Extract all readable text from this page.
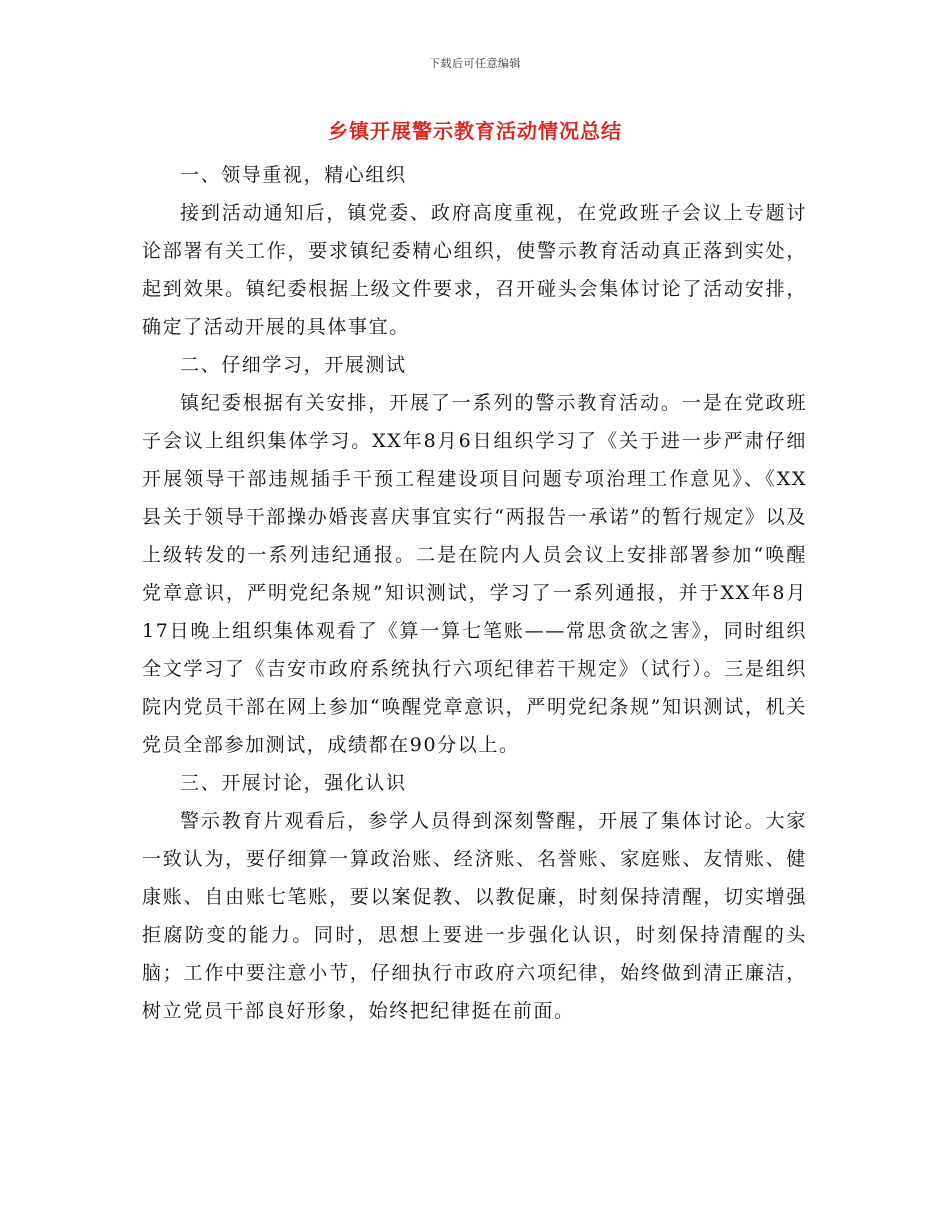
下载后可任意编辑
乡镇开展警示教育活动情况总结

一、领导重视，精心组织

接到活动通知后，镇党委、政府高度重视，在党政班子会议上专题讨论部署有关工作，要求镇纪委精心组织，使警示教育活动真正落到实处，起到效果。镇纪委根据上级文件要求，召开碰头会集体讨论了活动安排，确定了活动开展的具体事宜。

二、仔细学习，开展测试

镇纪委根据有关安排，开展了一系列的警示教育活动。一是在党政班子会议上组织集体学习。XX年8月6日组织学习了《关于进一步严肃仔细开展领导干部违规插手干预工程建设项目问题专项治理工作意见》、《XX县关于领导干部操办婚丧喜庆事宜实行“两报告一承诺”的暂行规定》以及上级转发的一系列违纪通报。二是在院内人员会议上安排部署参加“唤醒党章意识，严明党纪条规”知识测试，学习了一系列通报，并于XX年8月17日晚上组织集体观看了《算一算七笔账——常思贪欲之害》，同时组织全文学习了《吉安市政府系统执行六项纪律若干规定》（试行）。三是组织院内党员干部在网上参加“唤醒党章意识，严明党纪条规”知识测试，机关党员全部参加测试，成绩都在90分以上。

三、开展讨论，强化认识

警示教育片观看后，参学人员得到深刻警醒，开展了集体讨论。大家一致认为，要仔细算一算政治账、经济账、名誉账、家庭账、友情账、健康账、自由账七笔账，要以案促教、以教促廉，时刻保持清醒，切实增强拒腐防变的能力。同时，思想上要进一步强化认识，时刻保持清醒的头脑；工作中要注意小节，仔细执行市政府六项纪律，始终做到清正廉洁，树立党员干部良好形象，始终把纪律挺在前面。
